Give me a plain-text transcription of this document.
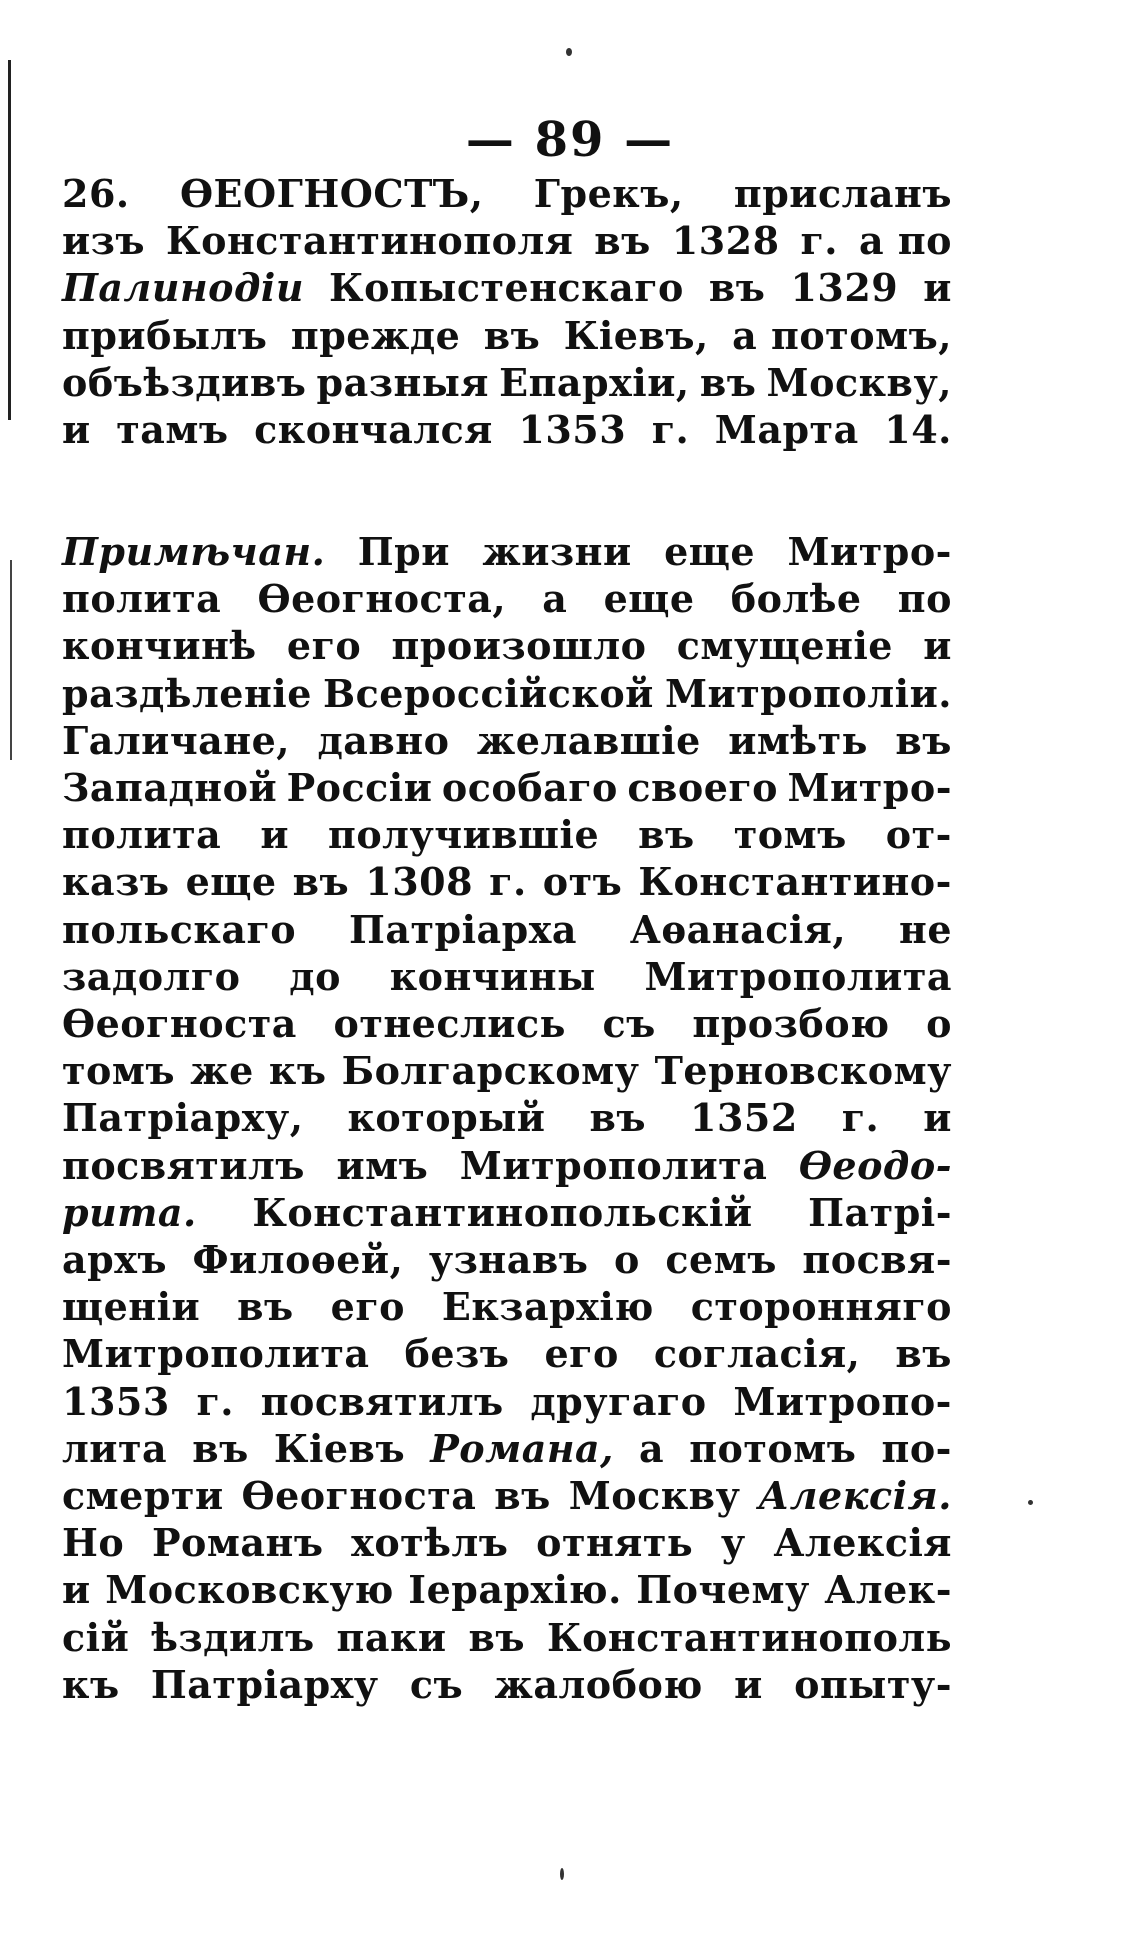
— 89 —
26. ѲЕОГНОСТЪ, Грекъ, присланъ
изъ Константинополя въ 1328 г. а по
Палинодіи Копыстенскаго въ 1329 и
прибылъ прежде въ Кіевъ, а потомъ,
объѣздивъ разныя Епархіи, въ Москву,
и тамъ скончался 1353 г. Марта 14.
Примѣчан. При жизни еще Митро-
полита Ѳеогноста, а еще болѣе по
кончинѣ его произошло смущеніе и
раздѣленіе Всероссійской Митрополіи.
Галичане, давно желавшіе имѣть въ
Западной Россіи особаго своего Митро-
полита и получившіе въ томъ от-
казъ еще въ 1308 г. отъ Константино-
польскаго Патріарха Аѳанасія, не
задолго до кончины Митрополита
Ѳеогноста отнеслись съ прозбою о
томъ же къ Болгарскому Терновскому
Патріарху, который въ 1352 г. и
посвятилъ имъ Митрополита Ѳеодо-
рита. Константинопольскій Патрі-
архъ Филоѳей, узнавъ о семъ посвя-
щеніи въ его Екзархію сторонняго
Митрополита безъ его согласія, въ
1353 г. посвятилъ другаго Митропо-
лита въ Кіевъ Романа, а потомъ по-
смерти Ѳеогноста въ Москву Алексія.
Но Романъ хотѣлъ отнять у Алексія
и Московскую Іерархію. Почему Алек-
сій ѣздилъ паки въ Константинополь
къ Патріарху съ жалобою и опыту-
